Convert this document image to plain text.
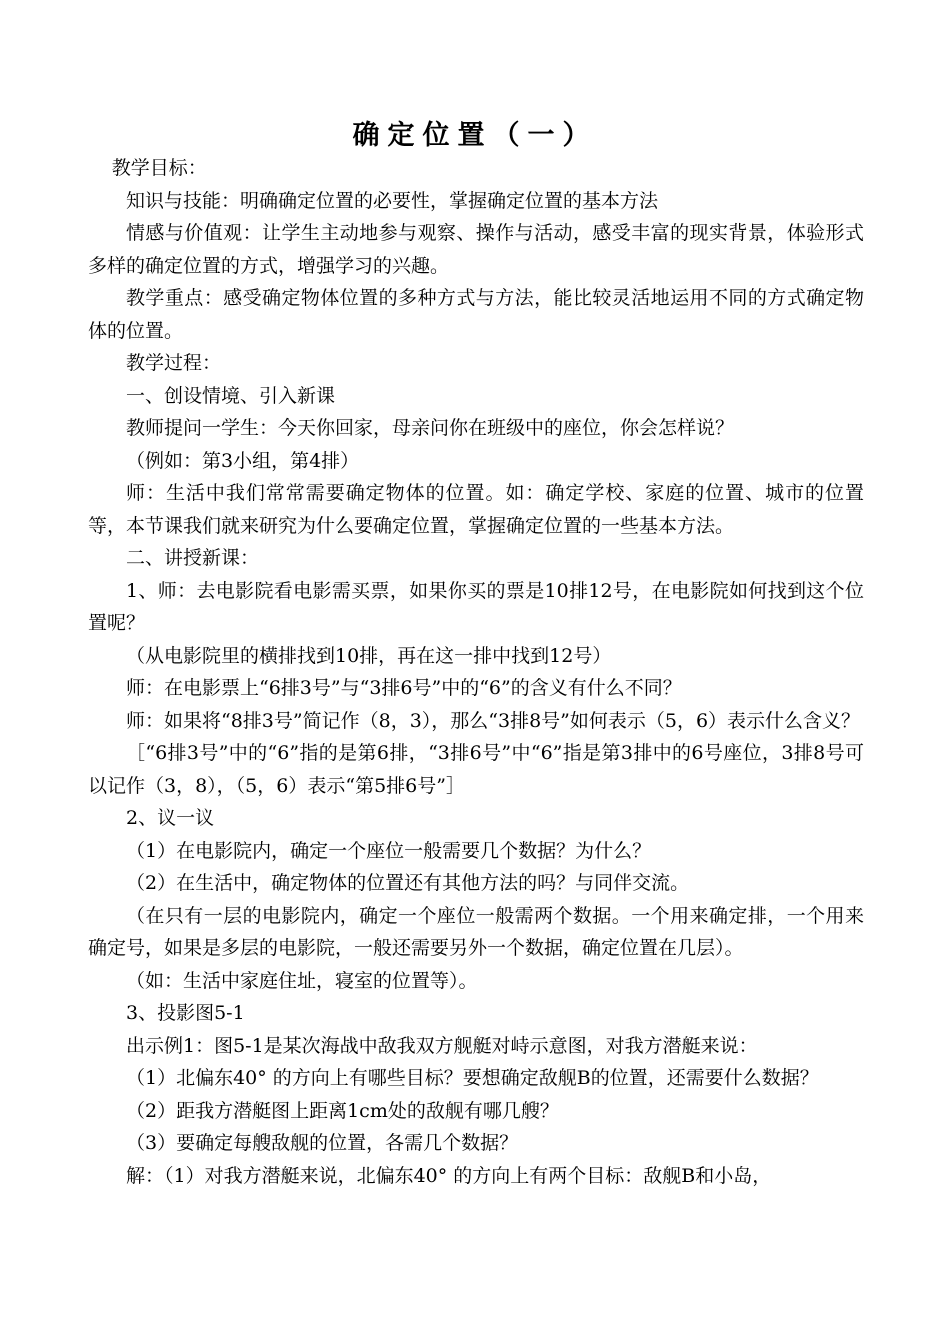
确定位置（一）

教学目标：

知识与技能：明确确定位置的必要性，掌握确定位置的基本方法

情感与价值观：让学生主动地参与观察、操作与活动，感受丰富的现实背景，体验形式多样的确定位置的方式，增强学习的兴趣。

教学重点：感受确定物体位置的多种方式与方法，能比较灵活地运用不同的方式确定物体的位置。

教学过程：

一、创设情境、引入新课

教师提问一学生：今天你回家，母亲问你在班级中的座位，你会怎样说？

（例如：第3小组，第4排）

师：生活中我们常常需要确定物体的位置。如：确定学校、家庭的位置、城市的位置等，本节课我们就来研究为什么要确定位置，掌握确定位置的一些基本方法。

二、讲授新课：

1、师：去电影院看电影需买票，如果你买的票是10排12号，在电影院如何找到这个位置呢？

（从电影院里的横排找到10排，再在这一排中找到12号）

师：在电影票上“6排3号”与“3排6号”中的“6”的含义有什么不同？

师：如果将“8排3号”简记作（8，3），那么“3排8号”如何表示（5，6）表示什么含义？

［“6排3号”中的“6”指的是第6排，“3排6号”中“6”指是第3排中的6号座位，3排8号可以记作（3，8），（5，6）表示“第5排6号”］

2、议一议

（1）在电影院内，确定一个座位一般需要几个数据？为什么？

（2）在生活中，确定物体的位置还有其他方法的吗？与同伴交流。

（在只有一层的电影院内，确定一个座位一般需两个数据。一个用来确定排，一个用来确定号，如果是多层的电影院，一般还需要另外一个数据，确定位置在几层）。

（如：生活中家庭住址，寝室的位置等）。

3、投影图5-1

出示例1：图5-1是某次海战中敌我双方舰艇对峙示意图，对我方潜艇来说：

（1）北偏东40° 的方向上有哪些目标？要想确定敌舰B的位置，还需要什么数据？

（2）距我方潜艇图上距离1cm处的敌舰有哪几艘？

（3）要确定每艘敌舰的位置，各需几个数据？

解：（1）对我方潜艇来说，北偏东40° 的方向上有两个目标：敌舰B和小岛，
